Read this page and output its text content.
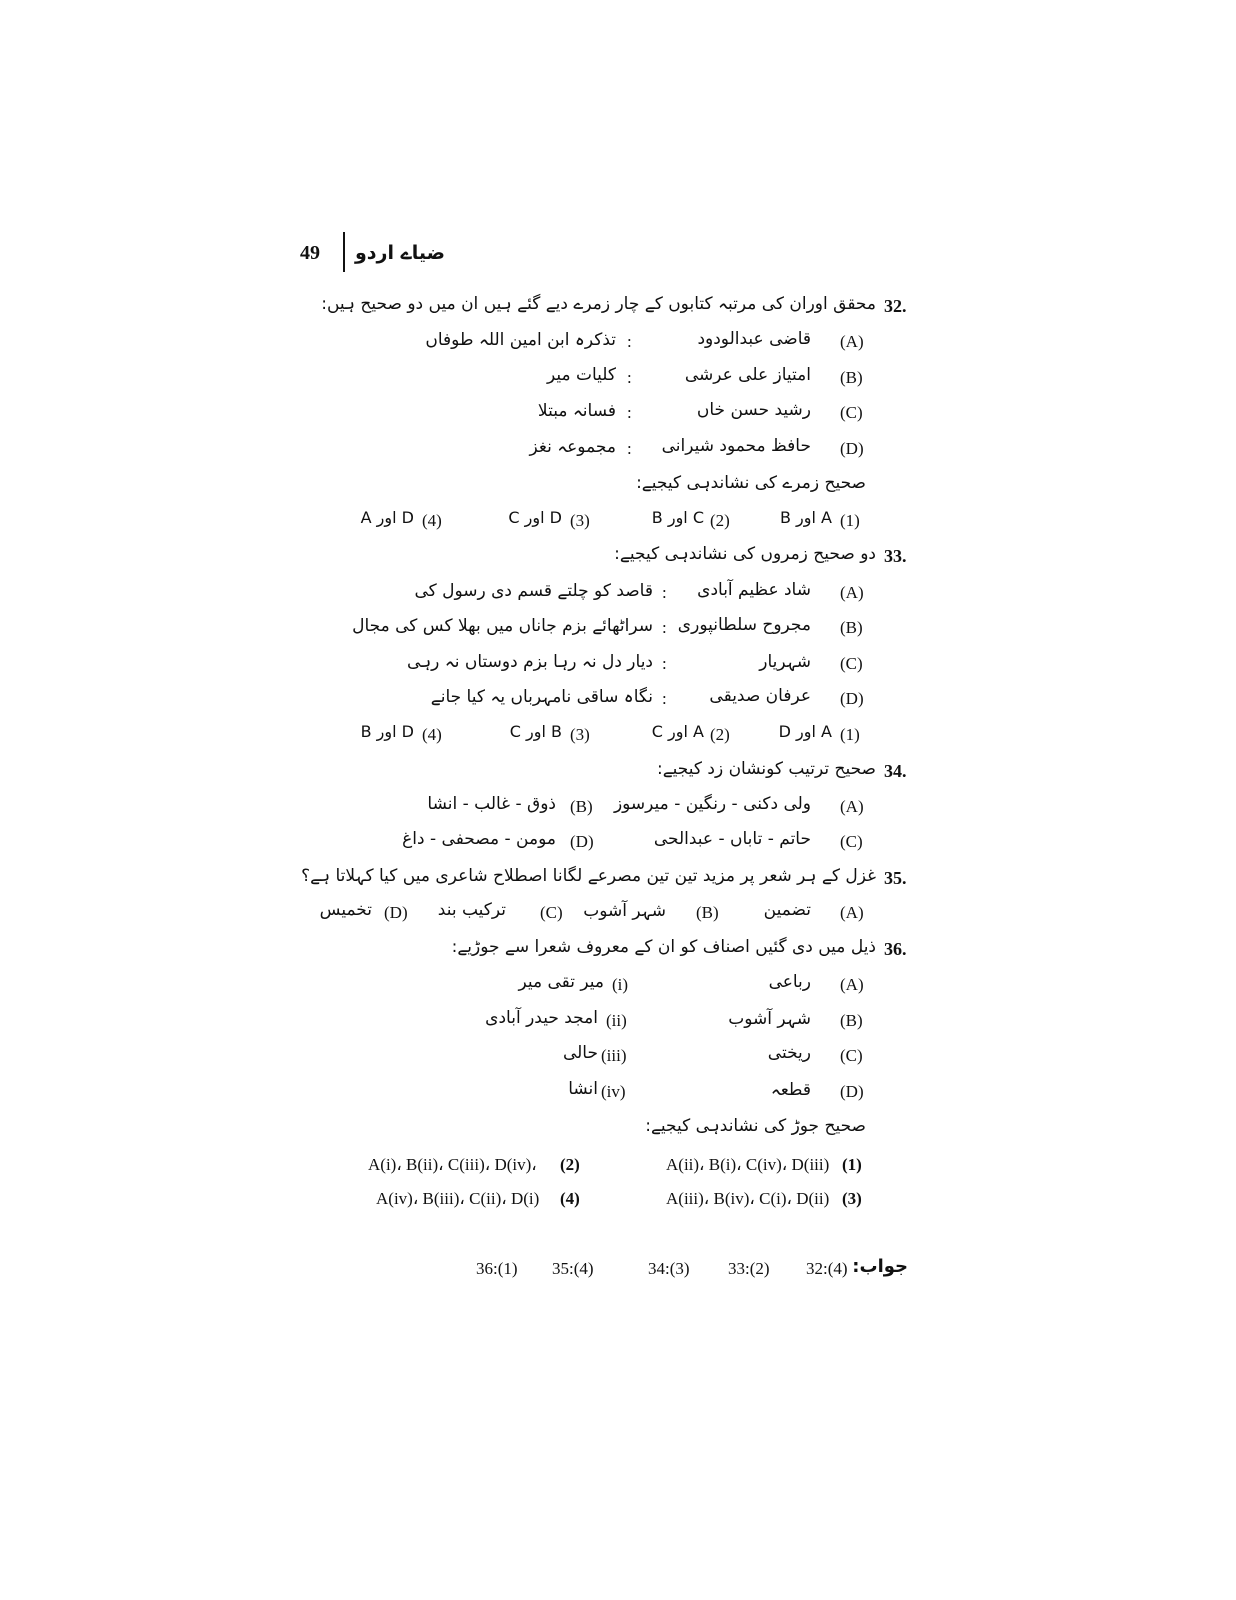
49 ضیاے اردو
32.
محقق اوران کی مرتبہ کتابوں کے چار زمرے دیے گئے ہیں ان میں دو صحیح ہیں:
(A)
قاضی عبدالودود
:
تذکرہ ابن امین اللہ طوفاں
(B)
امتیاز علی عرشی
:
کلیات میر
(C)
رشید حسن خاں
:
فسانہ مبتلا
(D)
حافظ محمود شیرانی
:
مجموعہ نغز
صحیح زمرے کی نشاندہی کیجیے:
(1)
A اور B
(2)
C اور B
(3)
D اور C
(4)
D اور A
33.
دو صحیح زمروں کی نشاندہی کیجیے:
(A)
شاد عظیم آبادی
:
قاصد کو چلتے قسم دی رسول کی
(B)
مجروح سلطانپوری
:
سراٹھائے بزم جاناں میں بھلا کس کی مجال
(C)
شہریار
:
دیار دل نہ رہا بزم دوستاں نہ رہی
(D)
عرفان صدیقی
:
نگاہ ساقی نامہرباں یہ کیا جانے
(1)
A اور D
(2)
A اور C
(3)
B اور C
(4)
D اور B
34.
صحیح ترتیب کونشان زد کیجیے:
(A)
ولی دکنی - رنگین - میرسوز
(B)
ذوق - غالب - انشا
(C)
حاتم - تاباں - عبدالحی
(D)
مومن - مصحفی - داغ
35.
غزل کے ہر شعر پر مزید تین تین مصرعے لگانا اصطلاح شاعری میں کیا کہلاتا ہے؟
(A)
تضمین
(B)
شہر آشوب
(C)
ترکیب بند
(D)
تخمیس
36.
ذیل میں دی گئیں اصناف کو ان کے معروف شعرا سے جوڑیے:
(A)
رباعی
(i)
میر تقی میر
(B)
شہر آشوب
(ii)
امجد حیدر آبادی
(C)
ریختی
(iii)
حالی
(D)
قطعہ
(iv)
انشا
صحیح جوڑ کی نشاندہی کیجیے:
(1)
A(ii)، B(i)، C(iv)، D(iii)
(2)
A(i)، B(ii)، C(iii)، D(iv)،
(3)
A(iii)، B(iv)، C(i)، D(ii)
(4)
A(iv)، B(iii)، C(ii)، D(i)
جواب:
32:(4)
33:(2)
34:(3)
35:(4)
36:(1)
